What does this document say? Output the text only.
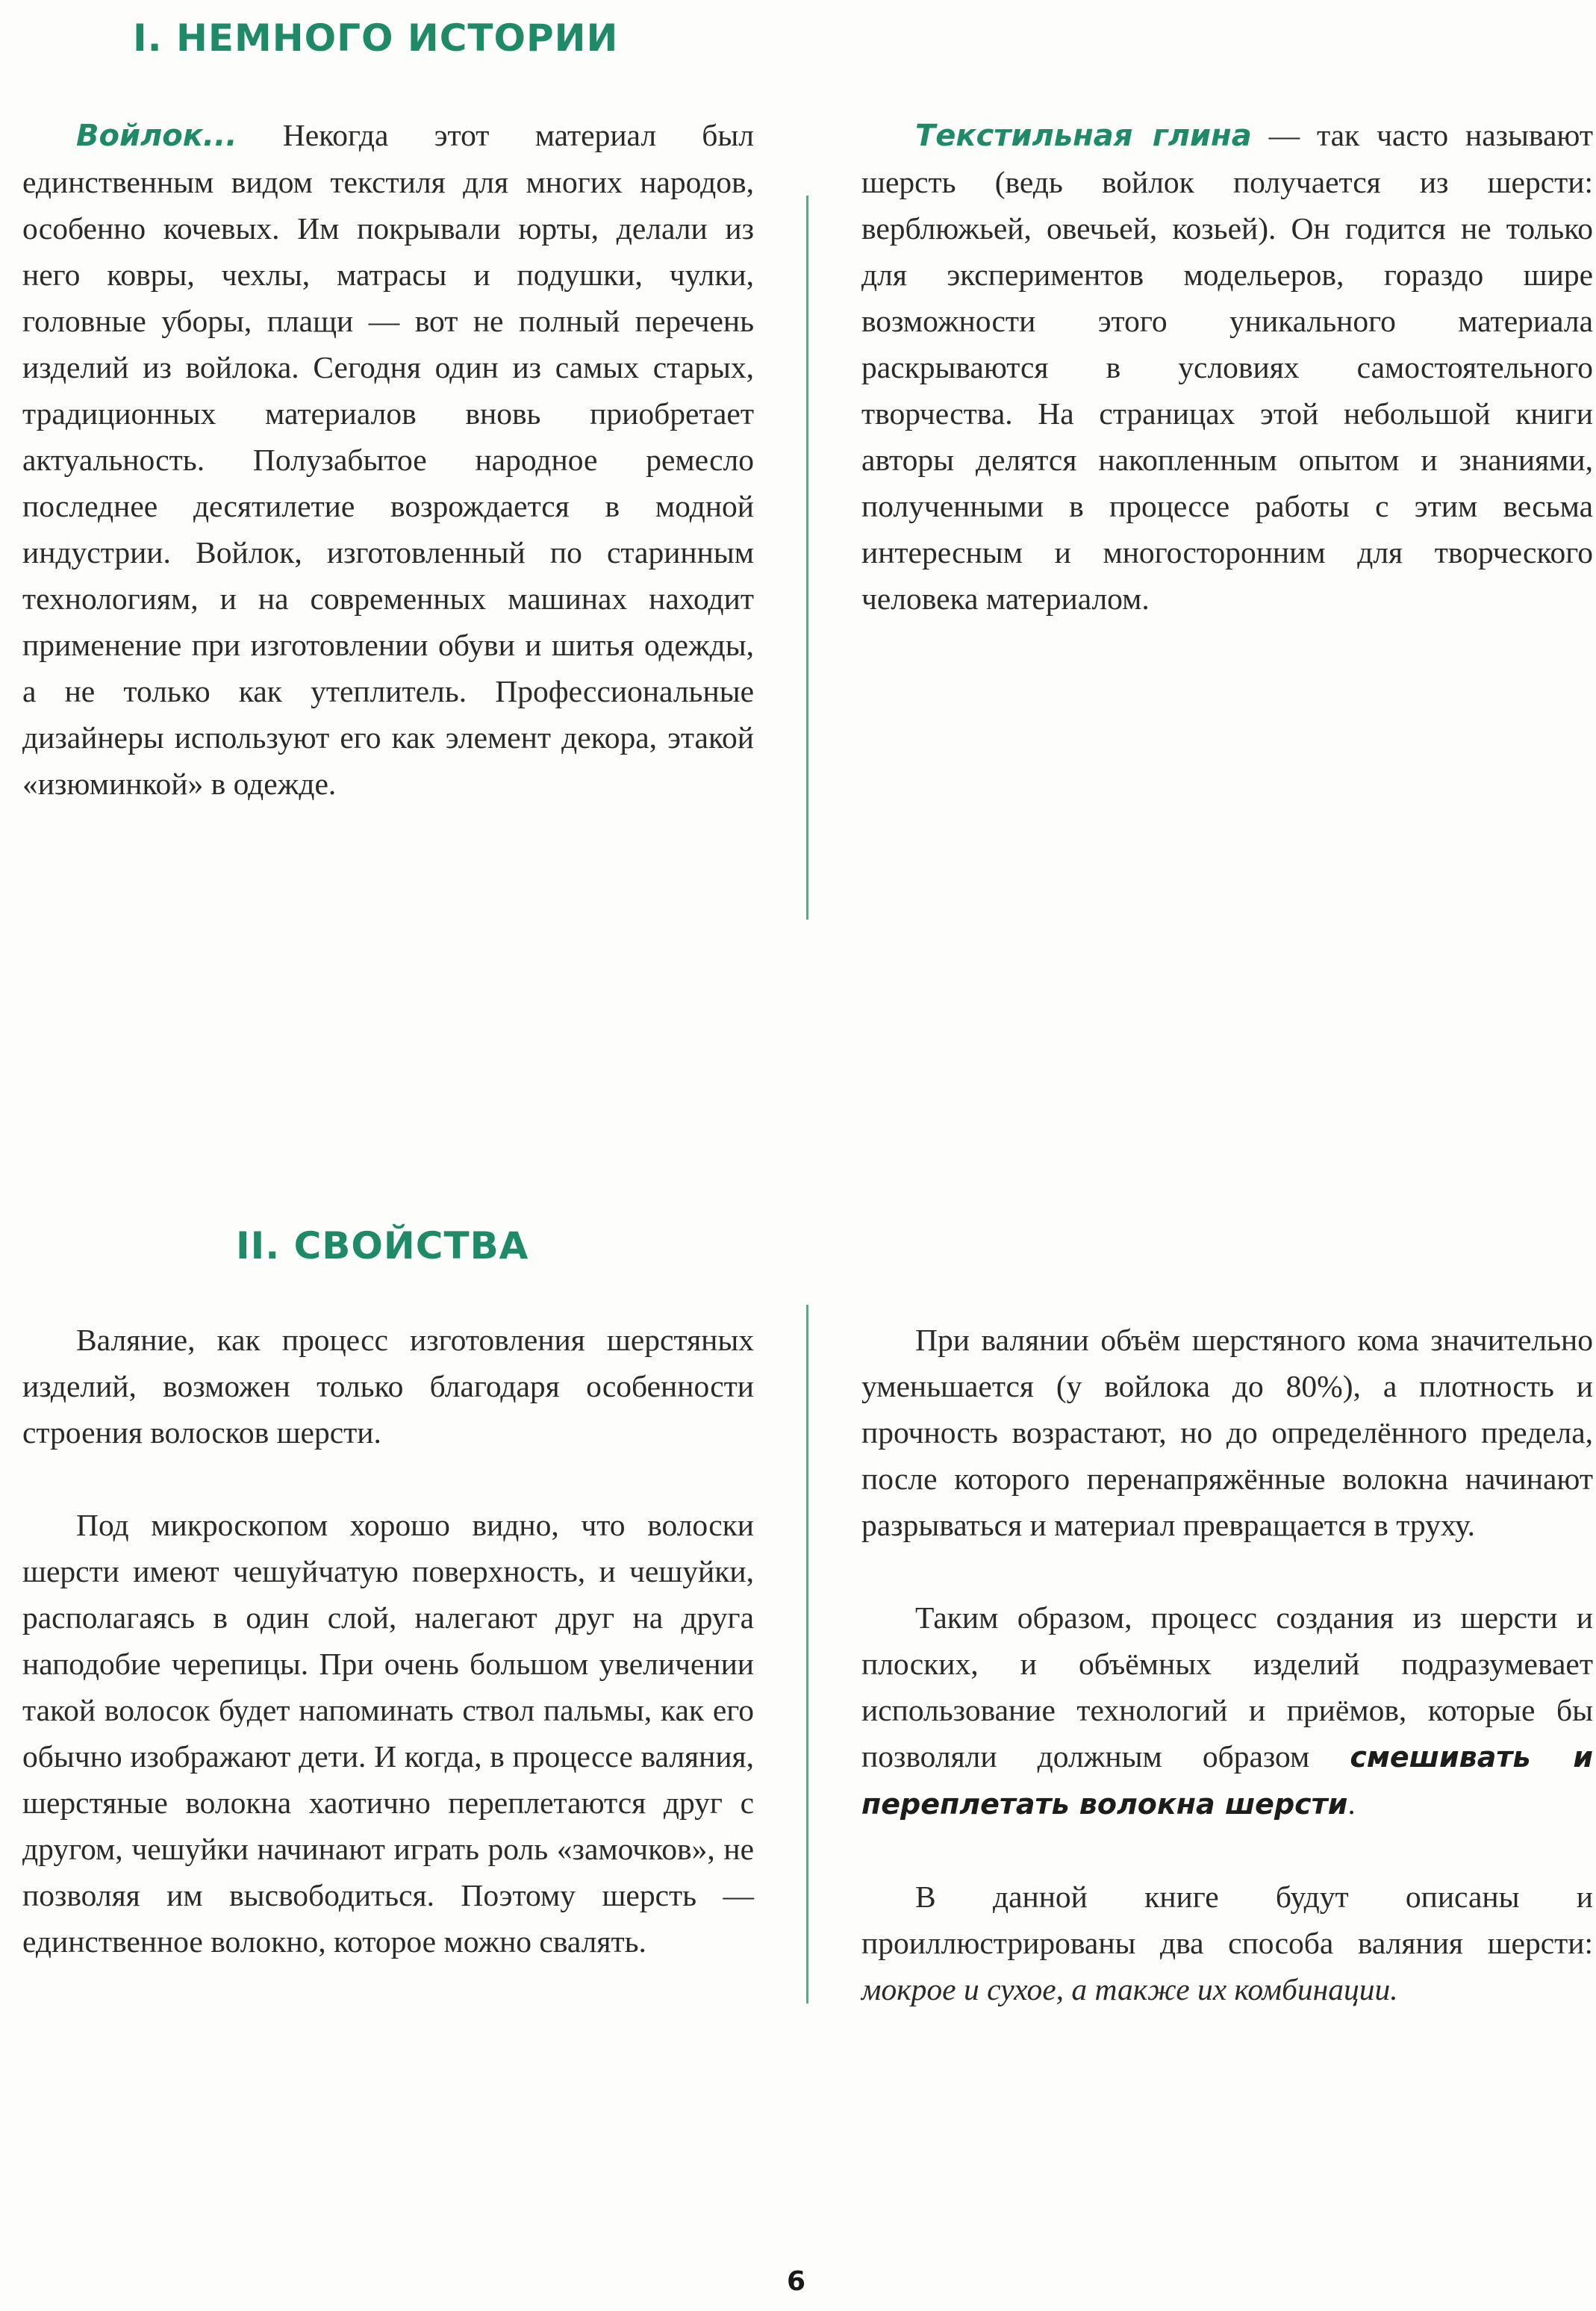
I. НЕМНОГО ИСТОРИИ

Войлок... Некогда этот материал был единственным видом текстиля для многих народов, особенно кочевых. Им покрывали юрты, делали из него ковры, чехлы, матрасы и подушки, чулки, головные уборы, плащи — вот не полный перечень изделий из войлока. Сегодня один из самых старых, традиционных материалов вновь приобретает актуальность. Полузабытое народное ремесло последнее десятилетие возрождается в модной индустрии. Войлок, изготовленный по старинным технологиям, и на современных машинах находит применение при изготовлении обуви и шитья одежды, а не только как утеплитель. Профессиональные дизайнеры используют его как элемент декора, этакой «изюминкой» в одежде.

Текстильная глина — так часто называют шерсть (ведь войлок получается из шерсти: верблюжьей, овечьей, козьей). Он годится не только для экспериментов модельеров, гораздо шире возможности этого уникального материала раскрываются в условиях самостоятельного творчества. На страницах этой небольшой книги авторы делятся накопленным опытом и знаниями, полученными в процессе работы с этим весьма интересным и многосторонним для творческого человека материалом.

II. СВОЙСТВА

Валяние, как процесс изготовления шерстяных изделий, возможен только благодаря особенности строения волосков шерсти.

Под микроскопом хорошо видно, что волоски шерсти имеют чешуйчатую поверхность, и чешуйки, располагаясь в один слой, налегают друг на друга наподобие черепицы. При очень большом увеличении такой волосок будет напоминать ствол пальмы, как его обычно изображают дети. И когда, в процессе валяния, шерстяные волокна хаотично переплетаются друг с другом, чешуйки начинают играть роль «замочков», не позволяя им высвободиться. Поэтому шерсть — единственное волокно, которое можно свалять.

При валянии объём шерстяного кома значительно уменьшается (у войлока до 80%), а плотность и прочность возрастают, но до определённого предела, после которого перенапряжённые волокна начинают разрываться и материал превращается в труху.

Таким образом, процесс создания из шерсти и плоских, и объёмных изделий подразумевает использование технологий и приёмов, которые бы позволяли должным образом смешивать и переплетать волокна шерсти.

В данной книге будут описаны и проиллюстрированы два способа валяния шерсти: мокрое и сухое, а также их комбинации.

6
